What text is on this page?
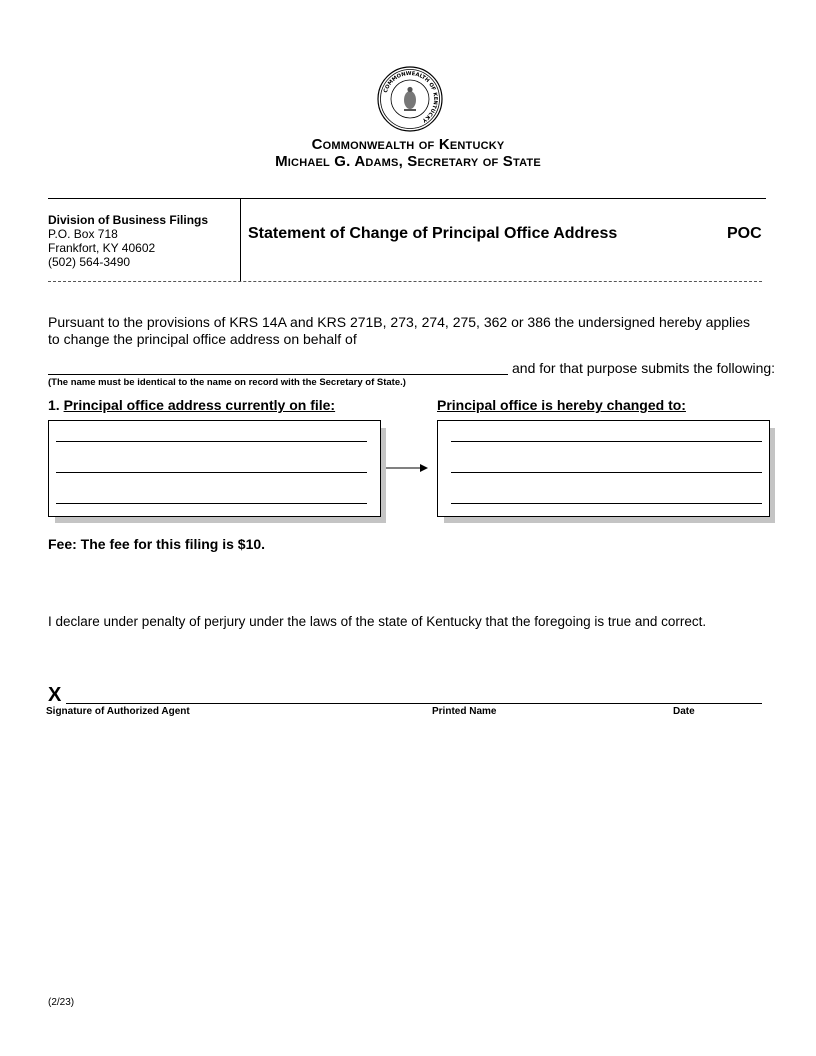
COMMONWEALTH OF KENTUCKY
Commonwealth of Kentucky
Michael G. Adams, Secretary of State
Division of Business Filings
P.O. Box 718
Frankfort, KY 40602
(502) 564-3490
Statement of Change of Principal Office Address	POC
Pursuant to the provisions of KRS 14A and KRS 271B, 273, 274, 275, 362 or 386 the undersigned hereby applies to change the principal office address on behalf of
and for that purpose submits the following:
(The name must be identical to the name on record with the Secretary of State.)
1. Principal office address currently on file:	Principal office is hereby changed to:
Fee: The fee for this filing is $10.
I declare under penalty of perjury under the laws of the state of Kentucky that the foregoing is true and correct.
X
Signature of Authorized Agent	Printed Name	Date
(2/23)
